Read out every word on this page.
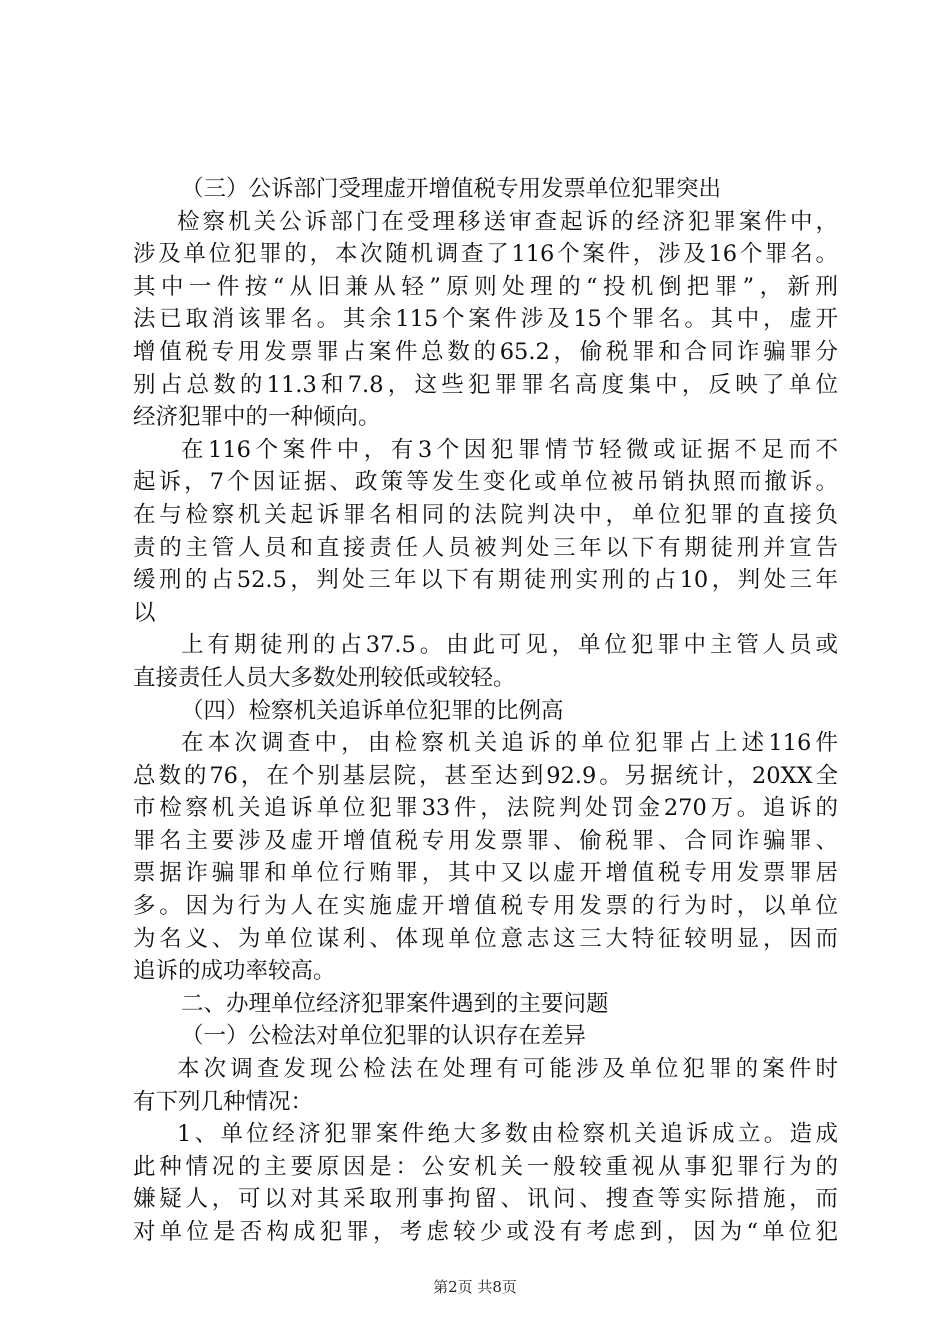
（三）公诉部门受理虚开增值税专用发票单位犯罪突出
检察机关公诉部门在受理移送审查起诉的经济犯罪案件中，
涉及单位犯罪的，本次随机调查了116个案件，涉及16个罪名。
其中一件按“从旧兼从轻”原则处理的“投机倒把罪”，新刑
法已取消该罪名。其余115个案件涉及15个罪名。其中，虚开
增值税专用发票罪占案件总数的65.2，偷税罪和合同诈骗罪分
别占总数的11.3和7.8，这些犯罪罪名高度集中，反映了单位
经济犯罪中的一种倾向。
在116个案件中，有3个因犯罪情节轻微或证据不足而不
起诉，7个因证据、政策等发生变化或单位被吊销执照而撤诉。
在与检察机关起诉罪名相同的法院判决中，单位犯罪的直接负
责的主管人员和直接责任人员被判处三年以下有期徒刑并宣告
缓刑的占52.5，判处三年以下有期徒刑实刑的占10，判处三年
以
上有期徒刑的占37.5。由此可见，单位犯罪中主管人员或
直接责任人员大多数处刑较低或较轻。
（四）检察机关追诉单位犯罪的比例高
在本次调查中，由检察机关追诉的单位犯罪占上述116件
总数的76，在个别基层院，甚至达到92.9。另据统计，20XX全
市检察机关追诉单位犯罪33件，法院判处罚金270万。追诉的
罪名主要涉及虚开增值税专用发票罪、偷税罪、合同诈骗罪、
票据诈骗罪和单位行贿罪，其中又以虚开增值税专用发票罪居
多。因为行为人在实施虚开增值税专用发票的行为时，以单位
为名义、为单位谋利、体现单位意志这三大特征较明显，因而
追诉的成功率较高。
二、办理单位经济犯罪案件遇到的主要问题
（一）公检法对单位犯罪的认识存在差异
本次调查发现公检法在处理有可能涉及单位犯罪的案件时
有下列几种情况：
1、单位经济犯罪案件绝大多数由检察机关追诉成立。造成
此种情况的主要原因是：公安机关一般较重视从事犯罪行为的
嫌疑人，可以对其采取刑事拘留、讯问、搜查等实际措施，而
对单位是否构成犯罪，考虑较少或没有考虑到，因为“单位犯
第2页 共8页
